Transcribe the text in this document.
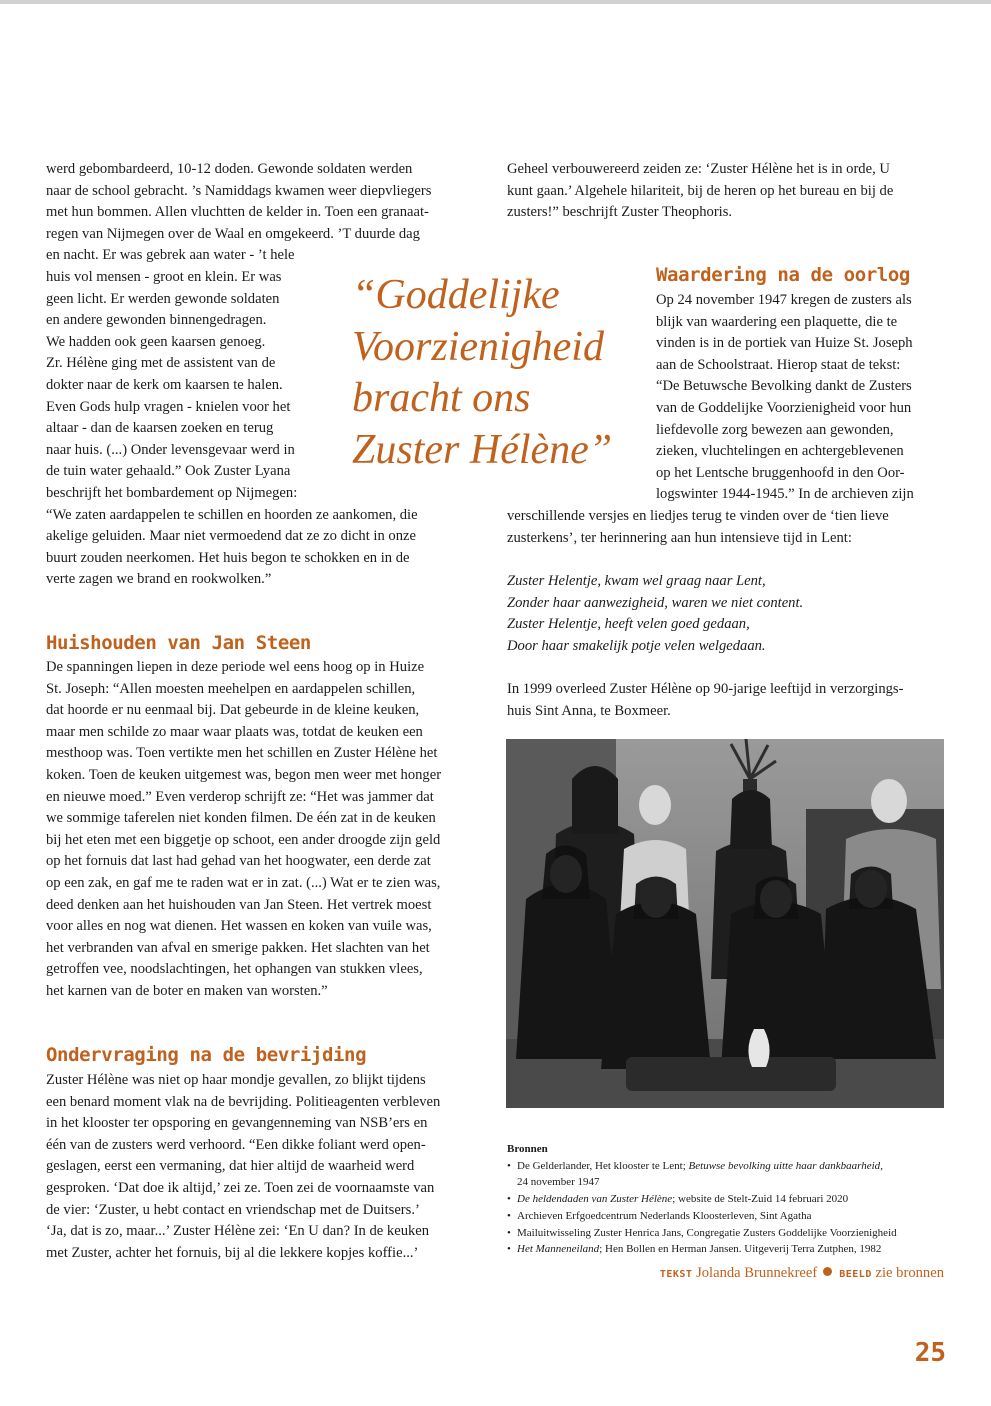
werd gebombardeerd, 10-12 doden. Gewonde soldaten werden
naar de school gebracht. ’s Namiddags kwamen weer diepvliegers
met hun bommen. Allen vluchtten de kelder in. Toen een granaat-
regen van Nijmegen over de Waal en omgekeerd. ’T duurde dag
en nacht. Er was gebrek aan water - ’t hele
huis vol mensen - groot en klein. Er was
geen licht. Er werden gewonde soldaten
en andere gewonden binnengedragen.
We hadden ook geen kaarsen genoeg.
Zr. Hélène ging met de assistent van de
dokter naar de kerk om kaarsen te halen.
Even Gods hulp vragen - knielen voor het
altaar - dan de kaarsen zoeken en terug
naar huis. (...) Onder levensgevaar werd in
de tuin water gehaald.” Ook Zuster Lyana
beschrijft het bombardement op Nijmegen:
“We zaten aardappelen te schillen en hoorden ze aankomen, die
akelige geluiden. Maar niet vermoedend dat ze zo dicht in onze
buurt zouden neerkomen. Het huis begon te schokken en in de
verte zagen we brand en rookwolken.”

Huishouden van Jan Steen

De spanningen liepen in deze periode wel eens hoog op in Huize
St. Joseph: “Allen moesten meehelpen en aardappelen schillen,
dat hoorde er nu eenmaal bij. Dat gebeurde in de kleine keuken,
maar men schilde zo maar waar plaats was, totdat de keuken een
mesthoop was. Toen vertikte men het schillen en Zuster Hélène het
koken. Toen de keuken uitgemest was, begon men weer met honger
en nieuwe moed.” Even verderop schrijft ze: “Het was jammer dat
we sommige taferelen niet konden filmen. De één zat in de keuken
bij het eten met een biggetje op schoot, een ander droogde zijn geld
op het fornuis dat last had gehad van het hoogwater, een derde zat
op een zak, en gaf me te raden wat er in zat. (...) Wat er te zien was,
deed denken aan het huishouden van Jan Steen. Het vertrek moest
voor alles en nog wat dienen. Het wassen en koken van vuile was,
het verbranden van afval en smerige pakken. Het slachten van het
getroffen vee, noodslachtingen, het ophangen van stukken vlees,
het karnen van de boter en maken van worsten.”

Ondervraging na de bevrijding

Zuster Hélène was niet op haar mondje gevallen, zo blijkt tijdens
een benard moment vlak na de bevrijding. Politieagenten verbleven
in het klooster ter opsporing en gevangenneming van NSB’ers en
één van de zusters werd verhoord. “Een dikke foliant werd open-
geslagen, eerst een vermaning, dat hier altijd de waarheid werd
gesproken. ‘Dat doe ik altijd,’ zei ze. Toen zei de voornaamste van
de vier: ‘Zuster, u hebt contact en vriendschap met de Duitsers.’
‘Ja, dat is zo, maar...’ Zuster Hélène zei: ‘En U dan? In de keuken
met Zuster, achter het fornuis, bij al die lekkere kopjes koffie...’

“Goddelijke
Voorzienigheid
bracht ons
Zuster Hélène”

Geheel verbouwereerd zeiden ze: ‘Zuster Hélène het is in orde, U
kunt gaan.’ Algehele hilariteit, bij de heren op het bureau en bij de
zusters!” beschrijft Zuster Theophoris.

Waardering na de oorlog

Op 24 november 1947 kregen de zusters als
blijk van waardering een plaquette, die te
vinden is in de portiek van Huize St. Joseph
aan de Schoolstraat. Hierop staat de tekst:
“De Betuwsche Bevolking dankt de Zusters
van de Goddelijke Voorzienigheid voor hun
liefdevolle zorg bewezen aan gewonden,
zieken, vluchtelingen en achtergeblevenen
op het Lentsche bruggenhoofd in den Oor-
logswinter 1944-1945.” In de archieven zijn

verschillende versjes en liedjes terug te vinden over de ‘tien lieve
zusterkens’, ter herinnering aan hun intensieve tijd in Lent:

Zuster Helentje, kwam wel graag naar Lent,
Zonder haar aanwezigheid, waren we niet content.
Zuster Helentje, heeft velen goed gedaan,
Door haar smakelijk potje velen welgedaan.

In 1999 overleed Zuster Hélène op 90-jarige leeftijd in verzorgings-
huis Sint Anna, te Boxmeer.

Bronnen

• De Gelderlander, Het klooster te Lent; Betuwse bevolking uitte haar dankbaarheid,
24 november 1947
• De heldendaden van Zuster Hélène; website de Stelt-Zuid 14 februari 2020
• Archieven Erfgoedcentrum Nederlands Kloosterleven, Sint Agatha
• Mailuitwisseling Zuster Henrica Jans, Congregatie Zusters Goddelijke Voorzienigheid
• Het Manneneiland; Hen Bollen en Herman Jansen. Uitgeverij Terra Zutphen, 1982
TEKST Jolanda Brunnekreef BEELD zie bronnen
25
